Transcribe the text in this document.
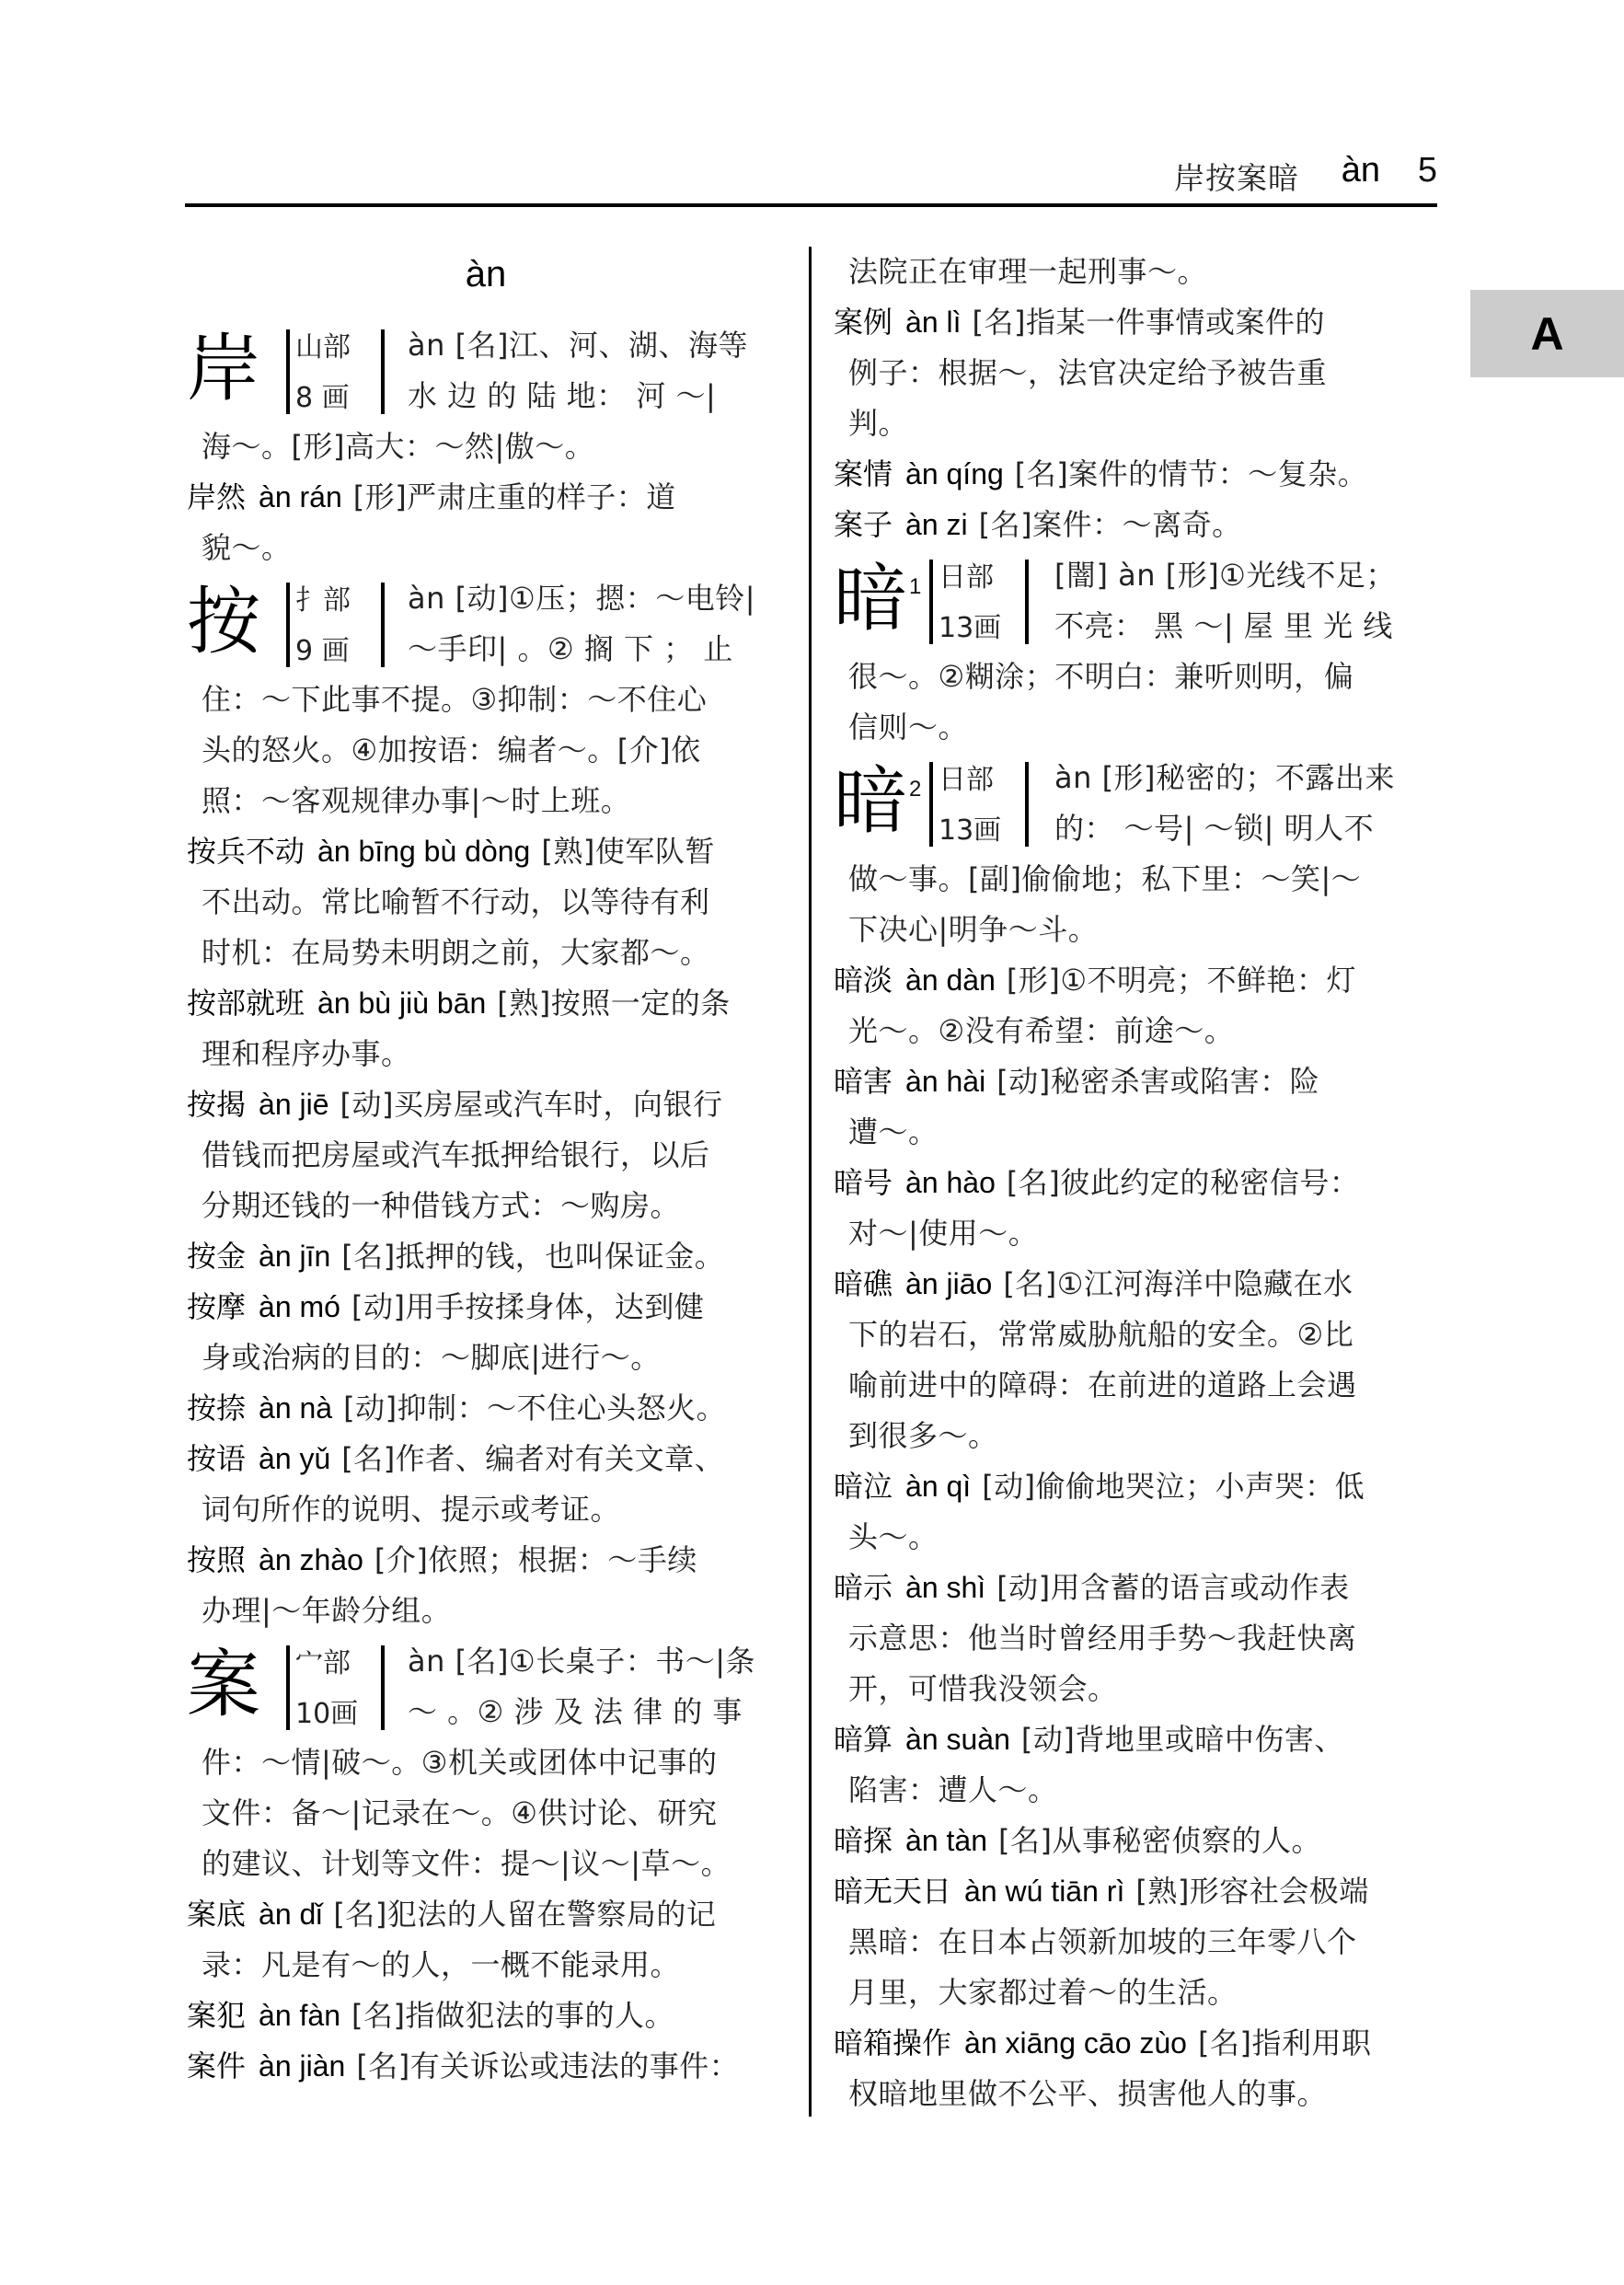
岸按案暗 àn 5
A
àn
岸 山部
8 画
àn [名]江、河、湖、海等
水 边 的 陆 地： 河 ～|
海～。[形]高大：～然|傲～。
岸然 àn rán [形]严肃庄重的样子：道
貌～。
按 扌部
9 画
àn [动]①压；摁：～电铃|
～手印| 。② 搁 下 ； 止
住：～下此事不提。③抑制：～不住心
头的怒火。④加按语：编者～。[介]依
照：～客观规律办事|～时上班。
按兵不动 àn bīng bù dòng [熟]使军队暂
不出动。常比喻暂不行动，以等待有利
时机：在局势未明朗之前，大家都～。
按部就班 àn bù jiù bān [熟]按照一定的条
理和程序办事。
按揭 àn jiē [动]买房屋或汽车时，向银行
借钱而把房屋或汽车抵押给银行，以后
分期还钱的一种借钱方式：～购房。
按金 àn jīn [名]抵押的钱，也叫保证金。
按摩 àn mó [动]用手按揉身体，达到健
身或治病的目的：～脚底|进行～。
按捺 àn nà [动]抑制：～不住心头怒火。
按语 àn yǔ [名]作者、编者对有关文章、
词句所作的说明、提示或考证。
按照 àn zhào [介]依照；根据：～手续
办理|～年龄分组。
案 宀部
10画
àn [名]①长桌子：书～|条
～ 。② 涉 及 法 律 的 事
件：～情|破～。③机关或团体中记事的
文件：备～|记录在～。④供讨论、研究
的建议、计划等文件：提～|议～|草～。
案底 àn dǐ [名]犯法的人留在警察局的记
录：凡是有～的人，一概不能录用。
案犯 àn fàn [名]指做犯法的事的人。
案件 àn jiàn [名]有关诉讼或违法的事件：
法院正在审理一起刑事～。
案例 àn lì [名]指某一件事情或案件的
例子：根据～，法官决定给予被告重
判。
案情 àn qíng [名]案件的情节：～复杂。
案子 àn zi [名]案件：～离奇。
暗 1 日部
13画
[闇] àn [形]①光线不足；
不亮： 黑 ～| 屋 里 光 线
很～。②糊涂；不明白：兼听则明，偏
信则～。
暗 2 日部
13画
àn [形]秘密的；不露出来
的： ～号| ～锁| 明人不
做～事。[副]偷偷地；私下里：～笑|～
下决心|明争～斗。
暗淡 àn dàn [形]①不明亮；不鲜艳：灯
光～。②没有希望：前途～。
暗害 àn hài [动]秘密杀害或陷害：险
遭～。
暗号 àn hào [名]彼此约定的秘密信号：
对～|使用～。
暗礁 àn jiāo [名]①江河海洋中隐藏在水
下的岩石，常常威胁航船的安全。②比
喻前进中的障碍：在前进的道路上会遇
到很多～。
暗泣 àn qì [动]偷偷地哭泣；小声哭：低
头～。
暗示 àn shì [动]用含蓄的语言或动作表
示意思：他当时曾经用手势～我赶快离
开，可惜我没领会。
暗算 àn suàn [动]背地里或暗中伤害、
陷害：遭人～。
暗探 àn tàn [名]从事秘密侦察的人。
暗无天日 àn wú tiān rì [熟]形容社会极端
黑暗：在日本占领新加坡的三年零八个
月里，大家都过着～的生活。
暗箱操作 àn xiāng cāo zùo [名]指利用职
权暗地里做不公平、损害他人的事。
